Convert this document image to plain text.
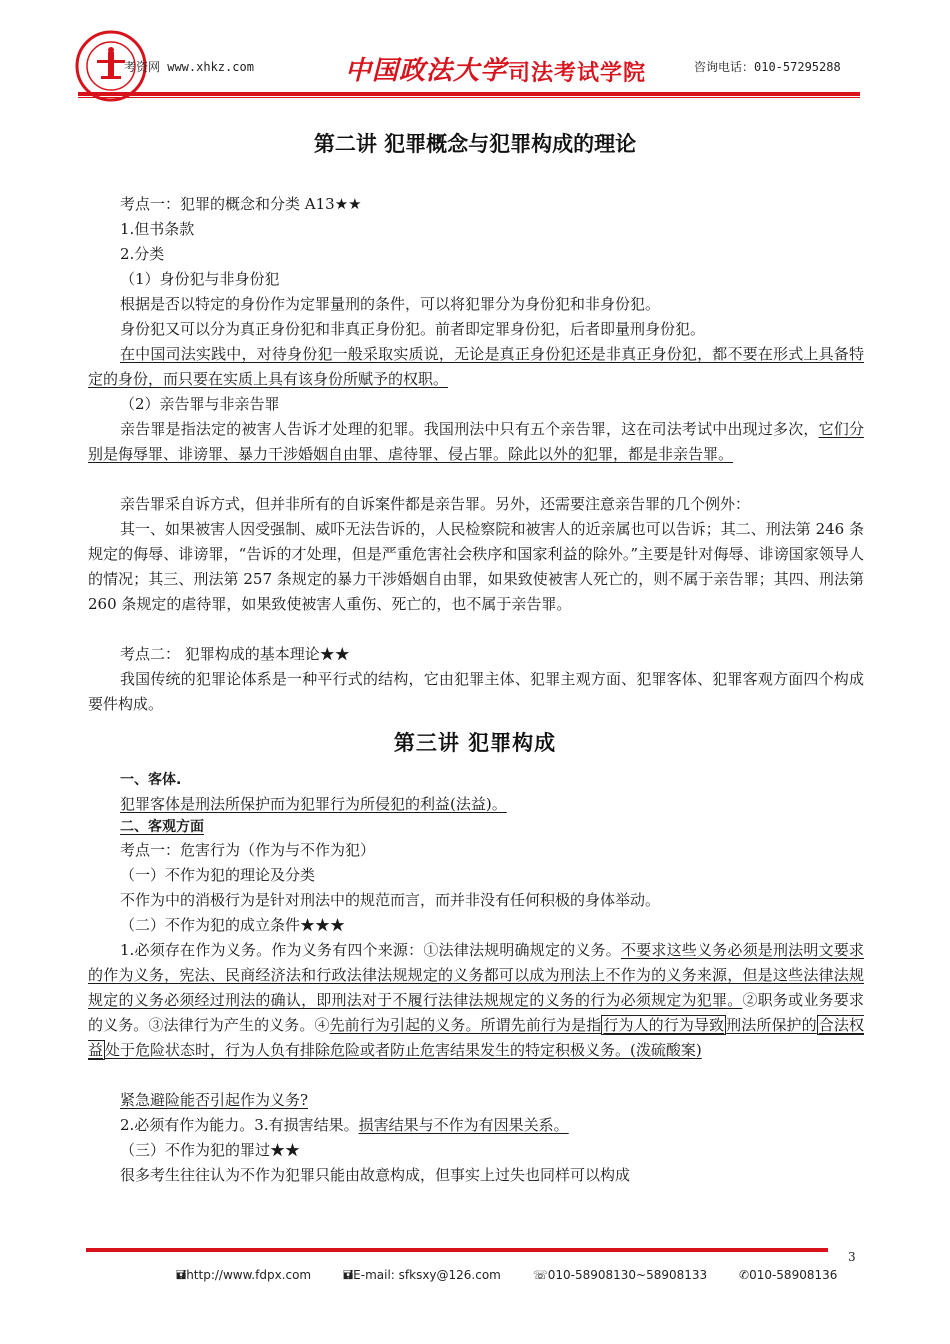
考资网 www.xhkz.com	中国政法大学 司法考试学院	咨询电话：010-57295288
第二讲 犯罪概念与犯罪构成的理论

考点一：犯罪的概念和分类 A13★★

1.但书条款

2.分类

（1）身份犯与非身份犯

根据是否以特定的身份作为定罪量刑的条件，可以将犯罪分为身份犯和非身份犯。

身份犯又可以分为真正身份犯和非真正身份犯。前者即定罪身份犯，后者即量刑身份犯。

在中国司法实践中，对待身份犯一般采取实质说，无论是真正身份犯还是非真正身份犯，都不要在形式上具备特定的身份，而只要在实质上具有该身份所赋予的权职。

（2）亲告罪与非亲告罪

亲告罪是指法定的被害人告诉才处理的犯罪。我国刑法中只有五个亲告罪，这在司法考试中出现过多次，它们分别是侮辱罪、诽谤罪、暴力干涉婚姻自由罪、虐待罪、侵占罪。除此以外的犯罪，都是非亲告罪。

亲告罪采自诉方式，但并非所有的自诉案件都是亲告罪。另外，还需要注意亲告罪的几个例外：

其一、如果被害人因受强制、威吓无法告诉的，人民检察院和被害人的近亲属也可以告诉；其二、刑法第 246 条规定的侮辱、诽谤罪，“告诉的才处理，但是严重危害社会秩序和国家利益的除外。”主要是针对侮辱、诽谤国家领导人的情况；其三、刑法第 257 条规定的暴力干涉婚姻自由罪，如果致使被害人死亡的，则不属于亲告罪；其四、刑法第 260 条规定的虐待罪，如果致使被害人重伤、死亡的，也不属于亲告罪。

考点二： 犯罪构成的基本理论★★

我国传统的犯罪论体系是一种平行式的结构，它由犯罪主体、犯罪主观方面、犯罪客体、犯罪客观方面四个构成要件构成。

第三讲 犯罪构成

一、客体.

犯罪客体是刑法所保护而为犯罪行为所侵犯的利益(法益)。

二、客观方面

考点一：危害行为（作为与不作为犯）

（一）不作为犯的理论及分类

不作为中的消极行为是针对刑法中的规范而言，而并非没有任何积极的身体举动。

（二）不作为犯的成立条件★★★

1.必须存在作为义务。作为义务有四个来源：①法律法规明确规定的义务。不要求这些义务必须是刑法明文要求的作为义务，宪法、民商经济法和行政法律法规规定的义务都可以成为刑法上不作为的义务来源，但是这些法律法规规定的义务必须经过刑法的确认，即刑法对于不履行法律法规规定的义务的行为必须规定为犯罪。②职务或业务要求的义务。③法律行为产生的义务。④先前行为引起的义务。所谓先前行为是指 行为人的行为导致 刑法所保护的 合法权益 处于危险状态时，行为人负有排除危险或者防止危害结果发生的特定积极义务。(泼硫酸案)

紧急避险能否引起作为义务?

2.必须有作为能力。3.有损害结果。损害结果与不作为有因果关系。

（三）不作为犯的罪过★★

很多考生往往认为不作为犯罪只能由故意构成，但事实上过失也同样可以构成

3
🖬http://www.fdpx.com	🖬E-mail: sfksxy@126.com	☏010-58908130~58908133	✆010-58908136
